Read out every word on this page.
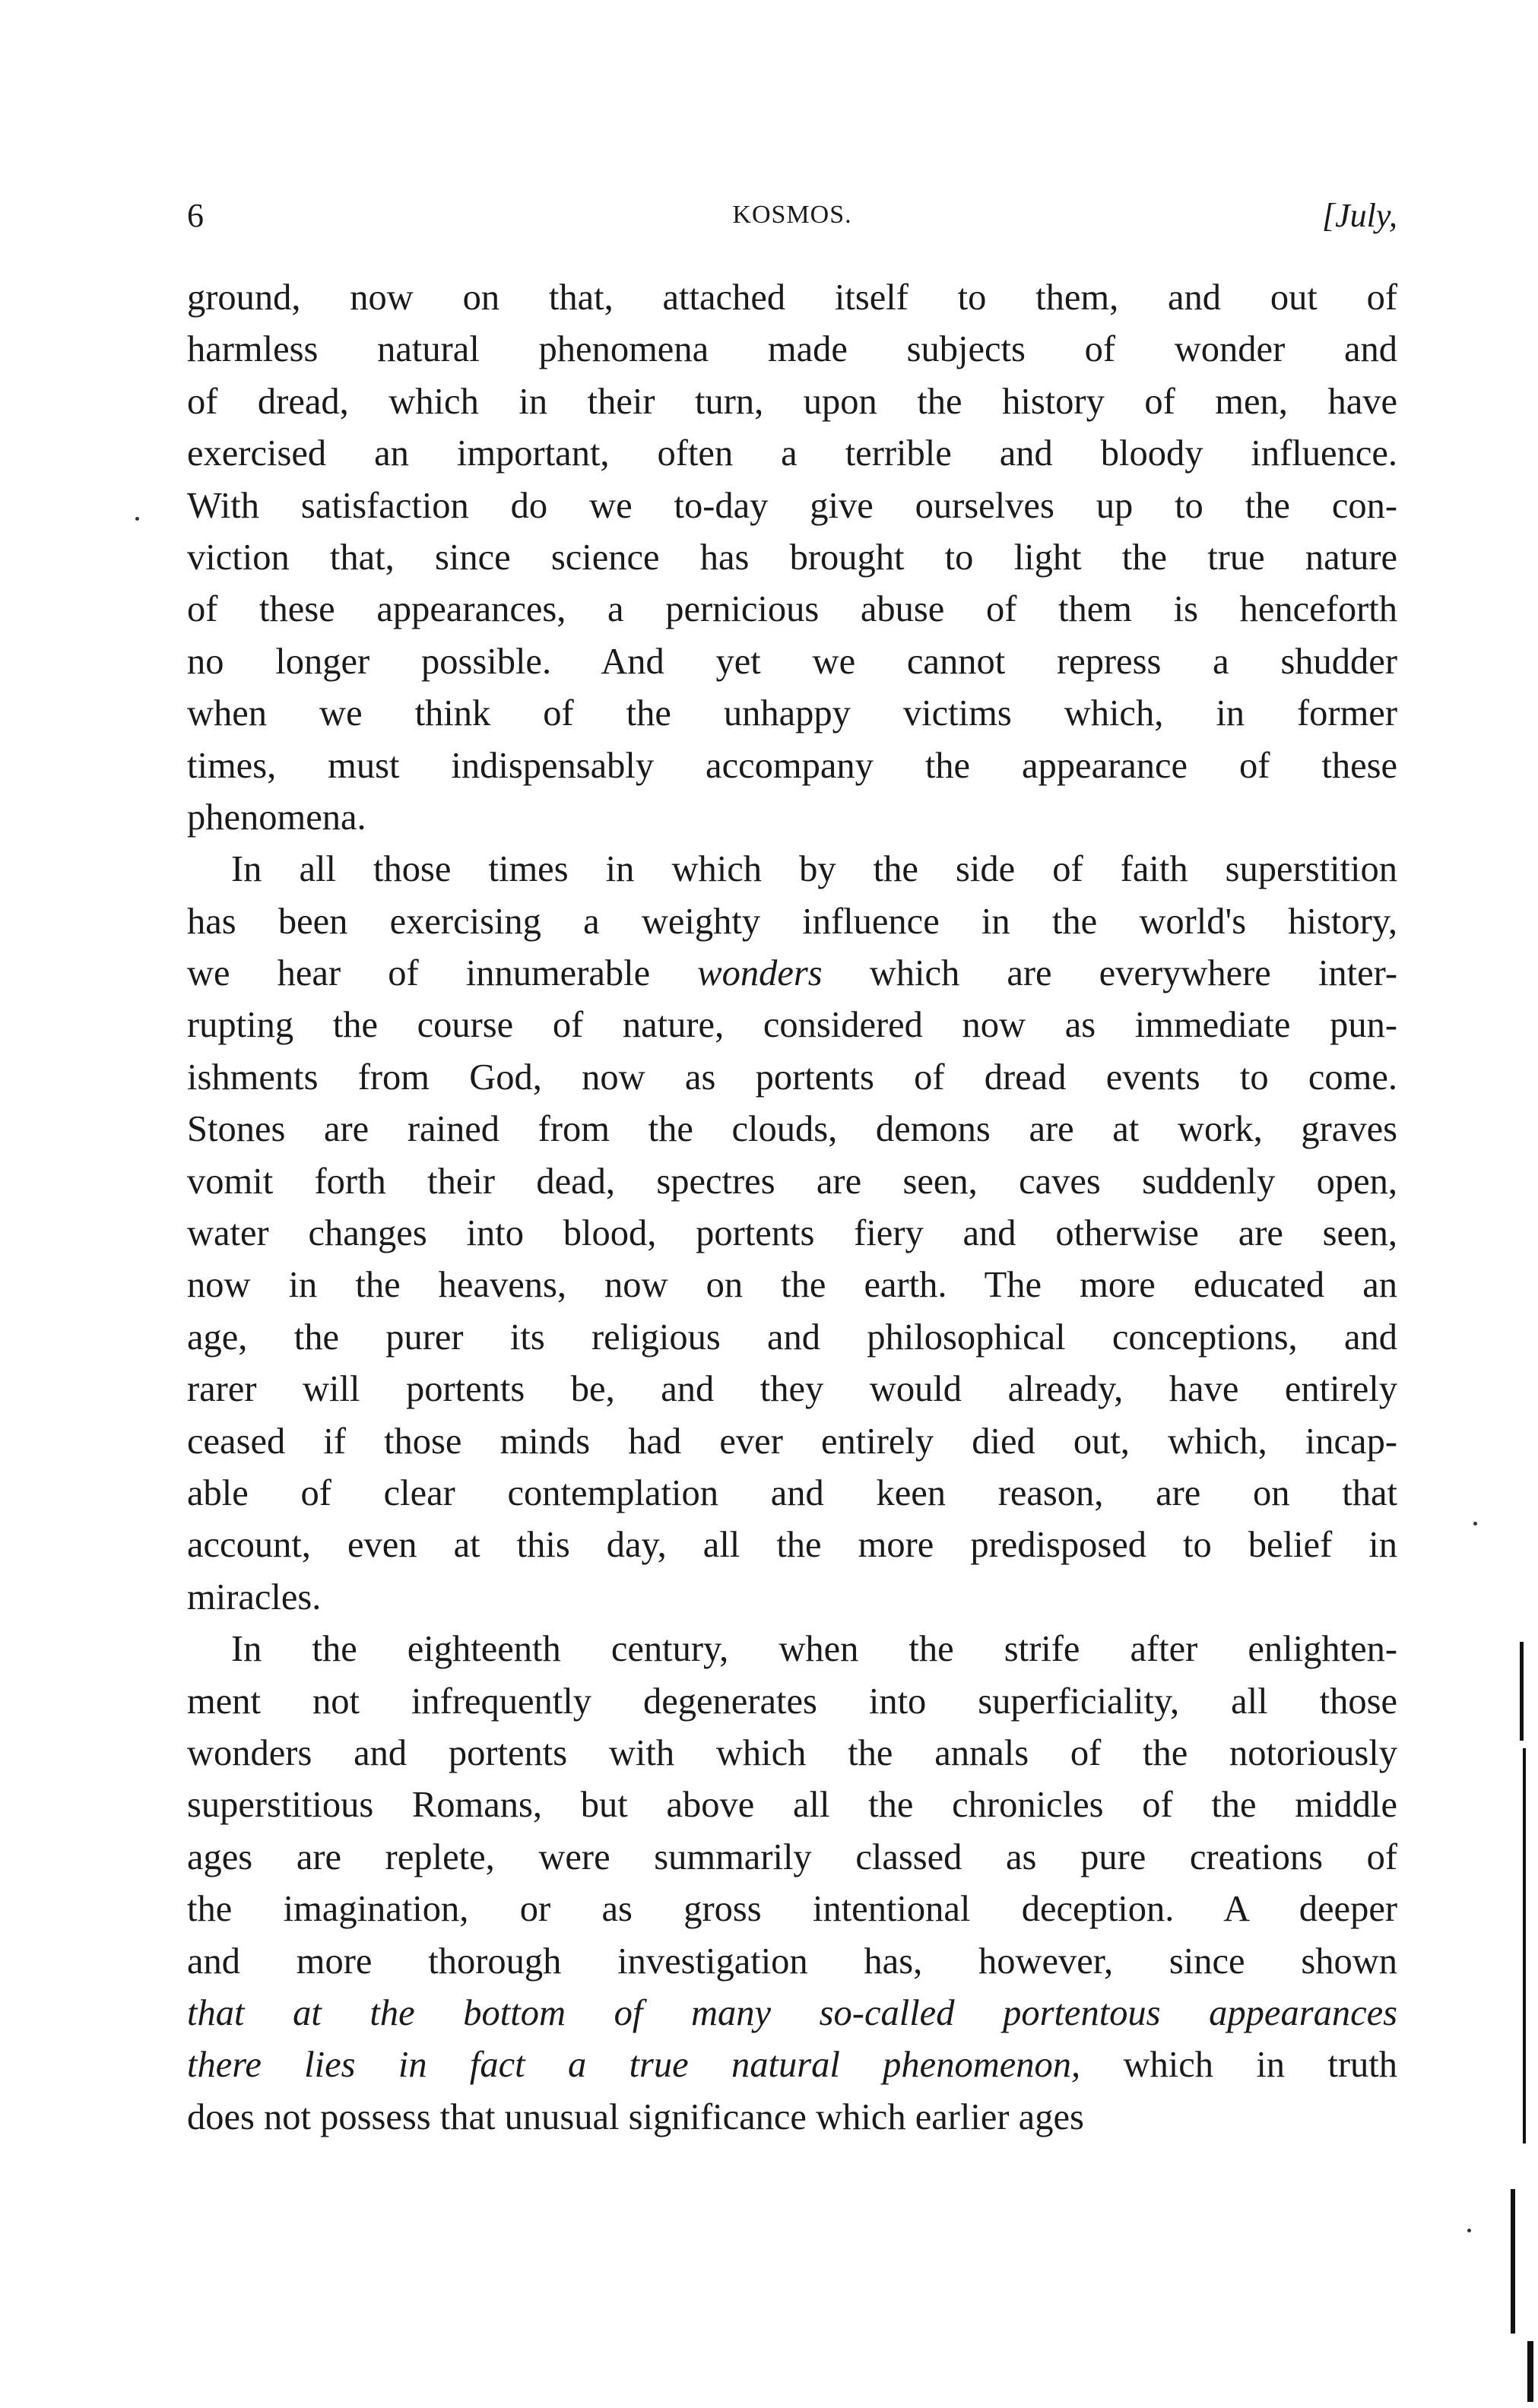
6	KOSMOS.	[July,
ground, now on that, attached itself to them, and out of
harmless natural phenomena made subjects of wonder and
of dread, which in their turn, upon the history of men, have
exercised an important, often a terrible and bloody influence.
With satisfaction do we to-day give ourselves up to the con-
viction that, since science has brought to light the true nature
of these appearances, a pernicious abuse of them is henceforth
no longer possible. And yet we cannot repress a shudder
when we think of the unhappy victims which, in former
times, must indispensably accompany the appearance of these
phenomena.
In all those times in which by the side of faith superstition
has been exercising a weighty influence in the world's history,
we hear of innumerable wonders which are everywhere inter-
rupting the course of nature, considered now as immediate pun-
ishments from God, now as portents of dread events to come.
Stones are rained from the clouds, demons are at work, graves
vomit forth their dead, spectres are seen, caves suddenly open,
water changes into blood, portents fiery and otherwise are seen,
now in the heavens, now on the earth. The more educated an
age, the purer its religious and philosophical conceptions, and
rarer will portents be, and they would already, have entirely
ceased if those minds had ever entirely died out, which, incap-
able of clear contemplation and keen reason, are on that
account, even at this day, all the more predisposed to belief in
miracles.
In the eighteenth century, when the strife after enlighten-
ment not infrequently degenerates into superficiality, all those
wonders and portents with which the annals of the notoriously
superstitious Romans, but above all the chronicles of the middle
ages are replete, were summarily classed as pure creations of
the imagination, or as gross intentional deception. A deeper
and more thorough investigation has, however, since shown
that at the bottom of many so-called portentous appearances
there lies in fact a true natural phenomenon, which in truth
does not possess that unusual significance which earlier ages
